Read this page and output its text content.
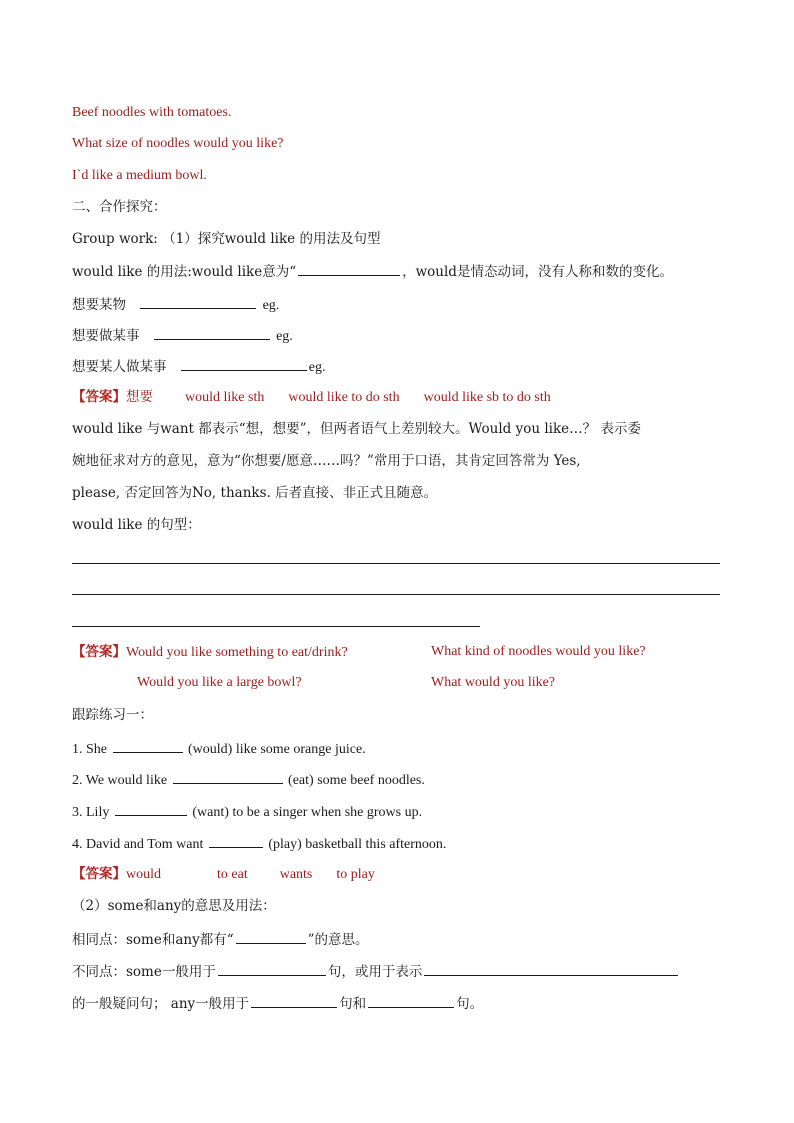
Beef noodles with tomatoes.
What size of noodles would you like?
I`d like a medium bowl.
二、合作探究：
Group work: （1）探究would like 的用法及句型
would like 的用法:would like意为“	，would是情态动词，没有人称和数的变化。
想要某物	eg.
想要做某事	eg.
想要某人做某事	eg.
【答案】想要 would like sth would like to do sth would like sb to do sth
would like 与want 都表示“想，想要”，但两者语气上差别较大。Would you like…？ 表示委
婉地征求对方的意见，意为“你想要/愿意……吗？”常用于口语，其肯定回答常为 Yes,
please, 否定回答为No, thanks. 后者直接、非正式且随意。
would like 的句型：
【答案】Would you like something to eat/drink?	What kind of noodles would you like?
Would you like a large bowl?	What would you like?
跟踪练习一：
1. She	(would) like some orange juice.
2. We would like	(eat) some beef noodles.
3. Lily	(want) to be a singer when she grows up.
4. David and Tom want	(play) basketball this afternoon.
【答案】would	to eat wants to play
（2）some和any的意思及用法：
相同点：some和any都有“	”的意思。
不同点：some一般用于	句，或用于表示
的一般疑问句； any一般用于	句和	句。
